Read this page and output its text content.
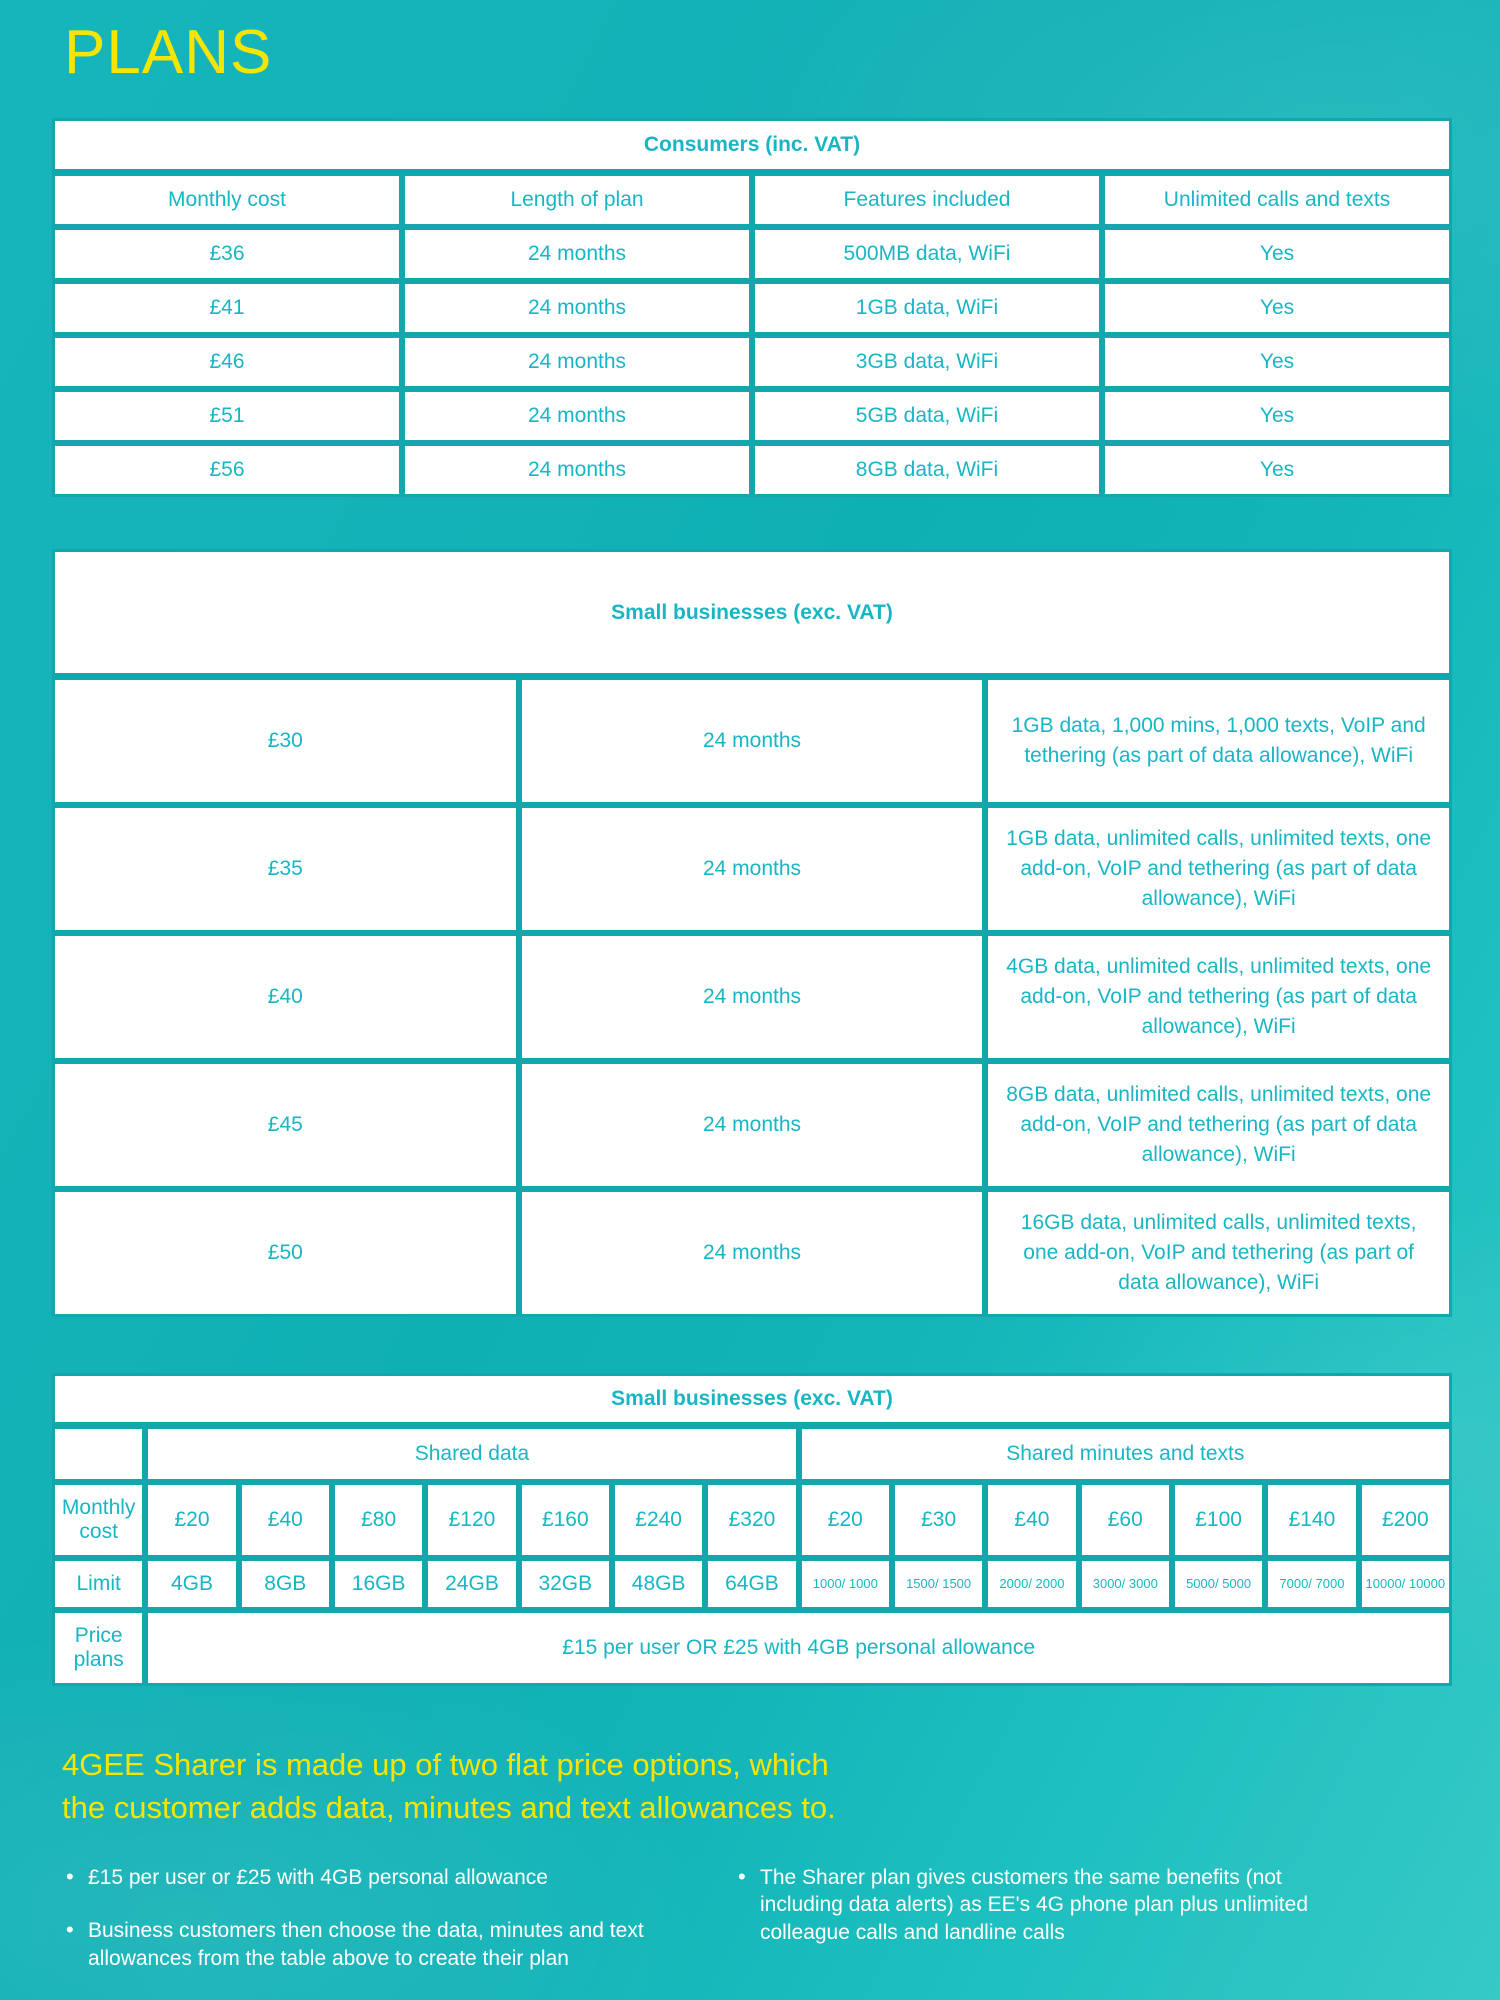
PLANS
Consumers (inc. VAT)			
Monthly cost	Length of plan	Features included	Unlimited calls and texts
£36	24 months	500MB data, WiFi	Yes
£41	24 months	1GB data, WiFi	Yes
£46	24 months	3GB data, WiFi	Yes
£51	24 months	5GB data, WiFi	Yes
£56	24 months	8GB data, WiFi	Yes
Small businesses (exc. VAT)		
£30	24 months	1GB data, 1,000 mins, 1,000 texts, VoIP and tethering (as part of data allowance), WiFi
£35	24 months	1GB data, unlimited calls, unlimited texts, one add-on, VoIP and tethering (as part of data allowance), WiFi
£40	24 months	4GB data, unlimited calls, unlimited texts, one add-on, VoIP and tethering (as part of data allowance), WiFi
£45	24 months	8GB data, unlimited calls, unlimited texts, one add-on, VoIP and tethering (as part of data allowance), WiFi
£50	24 months	16GB data, unlimited calls, unlimited texts, one add-on, VoIP and tethering (as part of data allowance), WiFi
Small businesses (exc. VAT)														
	Shared data							Shared minutes and texts						
Monthly cost	£20	£40	£80	£120	£160	£240	£320	£20	£30	£40	£60	£100	£140	£200
Limit	4GB	8GB	16GB	24GB	32GB	48GB	64GB	1000/ 1000	1500/ 1500	2000/ 2000	3000/ 3000	5000/ 5000	7000/ 7000	10000/ 10000
Price plans	£15 per user OR £25 with 4GB personal allowance													
4GEE Sharer is made up of two flat price options, which
the customer adds data, minutes and text allowances to.
• £15 per user or £25 with 4GB personal allowance
• Business customers then choose the data, minutes and text allowances from the table above to create their plan
• The Sharer plan gives customers the same benefits (not including data alerts) as EE's 4G phone plan plus unlimited colleague calls and landline calls
